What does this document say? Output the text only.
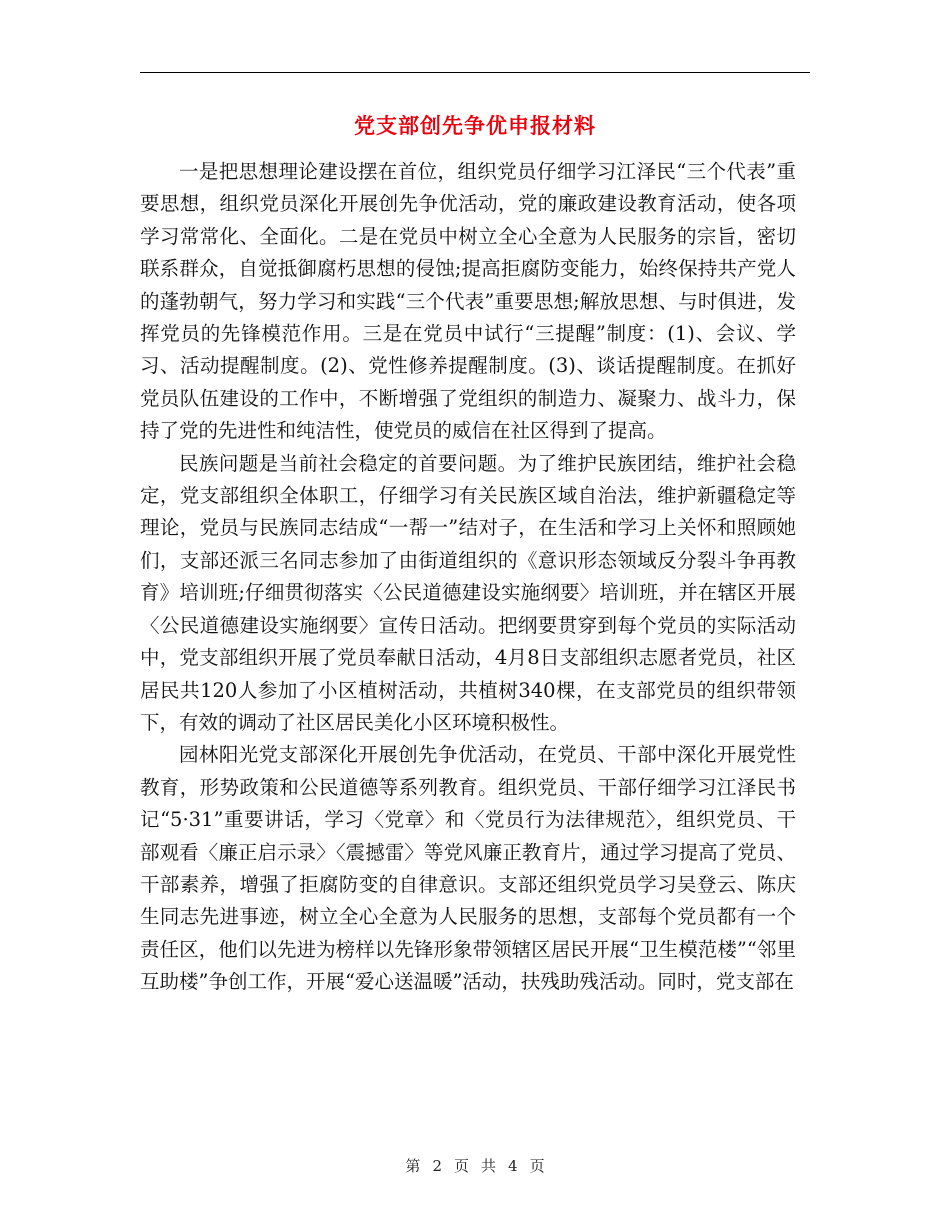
党支部创先争优申报材料

一是把思想理论建设摆在首位，组织党员仔细学习江泽民“三个代表”重要思想，组织党员深化开展创先争优活动，党的廉政建设教育活动，使各项学习常常化、全面化。二是在党员中树立全心全意为人民服务的宗旨，密切联系群众，自觉抵御腐朽思想的侵蚀;提高拒腐防变能力，始终保持共产党人的蓬勃朝气，努力学习和实践“三个代表”重要思想;解放思想、与时俱进，发挥党员的先锋模范作用。三是在党员中试行“三提醒”制度：(1)、会议、学习、活动提醒制度。(2)、党性修养提醒制度。(3)、谈话提醒制度。在抓好党员队伍建设的工作中，不断增强了党组织的制造力、凝聚力、战斗力，保持了党的先进性和纯洁性，使党员的威信在社区得到了提高。

民族问题是当前社会稳定的首要问题。为了维护民族团结，维护社会稳定，党支部组织全体职工，仔细学习有关民族区域自治法，维护新疆稳定等理论，党员与民族同志结成“一帮一”结对子，在生活和学习上关怀和照顾她们，支部还派三名同志参加了由街道组织的《意识形态领域反分裂斗争再教育》培训班;仔细贯彻落实〈公民道德建设实施纲要〉培训班，并在辖区开展〈公民道德建设实施纲要〉宣传日活动。把纲要贯穿到每个党员的实际活动中，党支部组织开展了党员奉献日活动，4月8日支部组织志愿者党员，社区居民共120人参加了小区植树活动，共植树340棵，在支部党员的组织带领下，有效的调动了社区居民美化小区环境积极性。

园林阳光党支部深化开展创先争优活动，在党员、干部中深化开展党性教育，形势政策和公民道德等系列教育。组织党员、干部仔细学习江泽民书记“5·31”重要讲话，学习〈党章〉和〈党员行为法律规范〉，组织党员、干部观看〈廉正启示录〉〈震撼雷〉等党风廉正教育片，通过学习提高了党员、干部素养，增强了拒腐防变的自律意识。支部还组织党员学习吴登云、陈庆生同志先进事迹，树立全心全意为人民服务的思想，支部每个党员都有一个责任区，他们以先进为榜样以先锋形象带领辖区居民开展“卫生模范楼”“邻里互助楼”争创工作，开展“爱心送温暖”活动，扶残助残活动。同时，党支部在

第 2 页 共 4 页
